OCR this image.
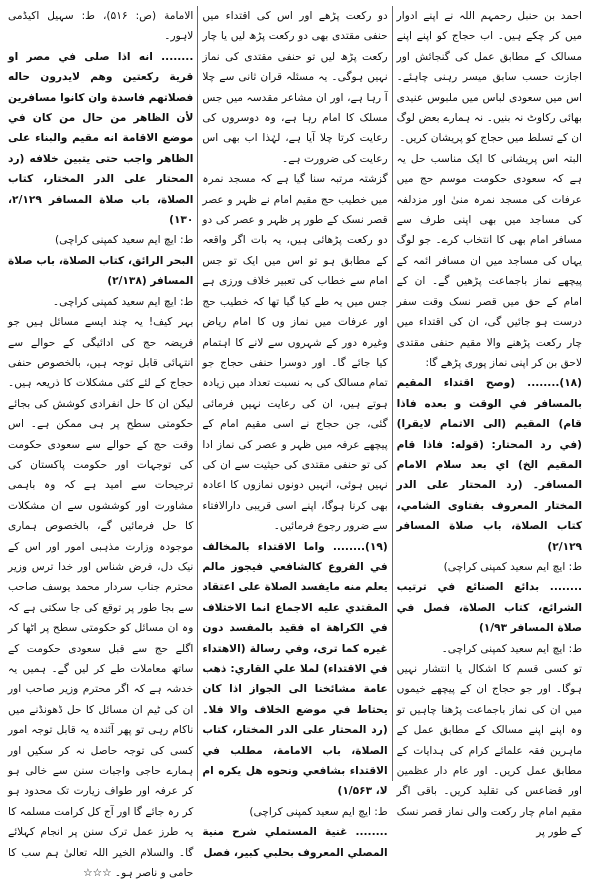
احمد بن حنبل رحمہم اللہ نے اپنے ادوار میں کر چکے ہیں۔ اب حجاج کو اپنے اپنے مسالک کے مطابق عمل کی گنجائش اور اجازت حسب سابق میسر رہنی چاہئے۔ اس میں سعودی لباس میں ملبوس عنیدی بھائی رکاوٹ نہ بنیں۔ نہ ہمارے بعض لوگ ان کے تسلط میں حجاج کو پریشان کریں۔

البتہ اس پریشانی کا ایک مناسب حل یہ ہے کہ سعودی حکومت موسم حج میں عرفات کی مسجد نمرہ منیٰ اور مزدلفہ کی مساجد میں بھی اپنی طرف سے مسافر امام بھی کا انتخاب کرے۔ جو لوگ یہاں کی مساجد میں ان مسافر ائمہ کے پیچھے نماز باجماعت پڑھیں گے۔ ان کے امام کے حق میں قصر نسک وقت سفر درست ہو جائیں گی، ان کی اقتداء میں چار رکعت پڑھنے والا مقیم حنفی مقتدی لاحق بن کر اپنی نماز پوری پڑھے گا:

(۱۸)........ (وصح اقتداء المقيم بالمسافر في الوقت و بعده فاذا قام) المقيم (الى الاتمام لايقرا) (في رد المحتار: (قوله: فاذا قام المقيم الخ) اي بعد سلام الامام المسافر۔ (رد المحتار على الدر المختار المعروف بفتاوى الشامي، كتاب الصلاة، باب صلاة المسافر ۲/۱۲۹)

ط: ایچ ایم سعید کمپنی کراچی)

........ بدائع الصنائع في ترتيب الشرائع، كتاب الصلاة، فصل في صلاة المسافر ۱/۹۳)

ط: ایچ ایم سعید کمپنی کراچی۔

تو کسی قسم کا اشکال یا انتشار نہیں ہوگا۔ اور جو حجاج ان کے پیچھے خیموں میں ان کی نماز باجماعت پڑھنا چاہیں تو وہ اپنے اپنے مسالک کے مطابق عمل کے ماہرین فقہ علمائے کرام کی ہدایات کے مطابق عمل کریں۔ اور عام دار عظمین اور قضاعس کی تقلید کریں۔ باقی اگر مقیم امام چار رکعت والی نماز قصر نسک کے طور پر

دو رکعت پڑھے اور اس کی اقتداء میں حنفی مقتدی بھی دو رکعت پڑھ لیں یا چار رکعت پڑھ لیں تو حنفی مقتدی کی نماز نہیں ہوگی۔ یہ مسئلہ قران ثانی سے چلا آ رہا ہے، اور ان مشاعر مقدسہ میں جس مسلک کا امام رہا ہے، وہ دوسروں کی رعایت کرتا چلا آیا ہے، لہٰذا اب بھی اس رعایت کی ضرورت ہے۔

گزشتہ مرتبہ سنا گیا ہے کہ مسجد نمرہ میں خطیب حج مقیم امام نے ظہر و عصر قصر نسک کے طور پر ظہر و عصر کی دو دو رکعت پڑھائی ہیں، یہ بات اگر واقعہ کے مطابق ہو تو اس میں ایک تو جس امام سے خطاب کی تعبیر خلاف ورزی ہے جس میں یہ طے کیا گیا تھا کہ خطیب حج اور عرفات میں نماز وں کا امام ریاض وغیرہ دور کے شہروں سے لانے کا اہتمام کیا جائے گا۔ اور دوسرا حنفی حجاج جو تمام مسالک کی بہ نسبت تعداد میں زیادہ ہوتے ہیں، ان کی رعایت نہیں فرمائی گئی، جن حجاج نے اسی مقیم امام کے پیچھے عرفہ میں ظہر و عصر کی نماز ادا کی تو حنفی مقتدی کی حیثیت سے ان کی نہیں ہوئی، انہیں دونوں نمازوں کا اعادہ بھی کرنا ہوگا، اپنے اسی قریبی دارالافتاء سے ضرور رجوع فرمائیں۔

(۱۹)........ واما الاقتداء بالمخالف في الفروع كالشافعي فيجوز مالم يعلم منه مايفسد الصلاة على اعتقاد المقتدي عليه الاجماع انما الاختلاف في الكراهة اه فقيد بالمفسد دون غيره كما ترى، وفي رسالة (الاهتداء في الاقتداء) لملا علي القاري: ذهب عامة مشائخنا الى الجواز اذا كان يحتاط في موضع الخلاف والا فلا۔ (رد المحتار على الدر المختار، كتاب الصلاة، باب الامامة، مطلب في الاقتداء بشافعي ونحوه هل يكره ام لا، ۱/۵۶۳)

ط: ایچ ایم سعید کمپنی کراچی)

........ غنية المستملي شرح منية المصلي المعروف بحلبي كبير، فصل

الامامة (ص: ۵۱۶)، ط: سہیل اکیڈمی لاہور۔

........ انه اذا صلى في مصر او قرية ركعتين وهم لايدرون حاله فصلاتهم فاسدة وان كانوا مسافرين لأن الظاهر من حال من كان في موضع الاقامة انه مقيم والبناء على الظاهر واجب حتى يتبين خلافه (رد المحتار على الدر المختار، كتاب الصلاة، باب صلاة المسافر ۲/۱۲۹، ۱۳۰)

ط: ایچ ایم سعید کمپنی کراچی)

البحر الرائق، كتاب الصلاة، باب صلاة المسافر (۲/۱۳۸)

ط: ایچ ایم سعید کمپنی کراچی۔

بہر کیف! یہ چند ایسے مسائل ہیں جو فریضہ حج کی ادائیگی کے حوالے سے انتہائی قابل توجہ ہیں، بالخصوص حنفی حجاج کے لئے کئی مشکلات کا ذریعہ ہیں۔ لیکن ان کا حل انفرادی کوشش کی بجائے حکومتی سطح پر ہی ممکن ہے۔ اس وقت حج کے حوالے سے سعودی حکومت کی توجہات اور حکومت پاکستان کی ترجیحات سے امید ہے کہ وہ باہمی مشاورت اور کوششوں سے ان مشکلات کا حل فرمائیں گے، بالخصوص ہماری موجودہ وزارت مذہبی امور اور اس کے نیک دل، فرض شناس اور خدا ترس وزیر محترم جناب سردار محمد یوسف صاحب سے بجا طور پر توقع کی جا سکتی ہے کہ وہ ان مسائل کو حکومتی سطح پر اٹھا کر اگلے حج سے قبل سعودی حکومت کے ساتھ معاملات طے کر لیں گے۔ ہمیں یہ خدشہ ہے کہ اگر محترم وزیر صاحب اور ان کی ٹیم ان مسائل کا حل ڈھونڈنے میں ناکام رہی تو پھر آئندہ یہ قابل توجہ امور کسی کی توجہ حاصل نہ کر سکیں اور ہمارے حاجی واجبات سنن سے خالی ہو کر عرفہ اور طواف زیارت تک محدود ہو کر رہ جائے گا اور آج کل کرامت مسلمہ کا یہ طرز عمل ترک سنن پر انجام کہلائے گا۔ والسلام الخیر اللہ تعالیٰ ہم سب کا حامی و ناصر ہو۔ ☆☆☆
